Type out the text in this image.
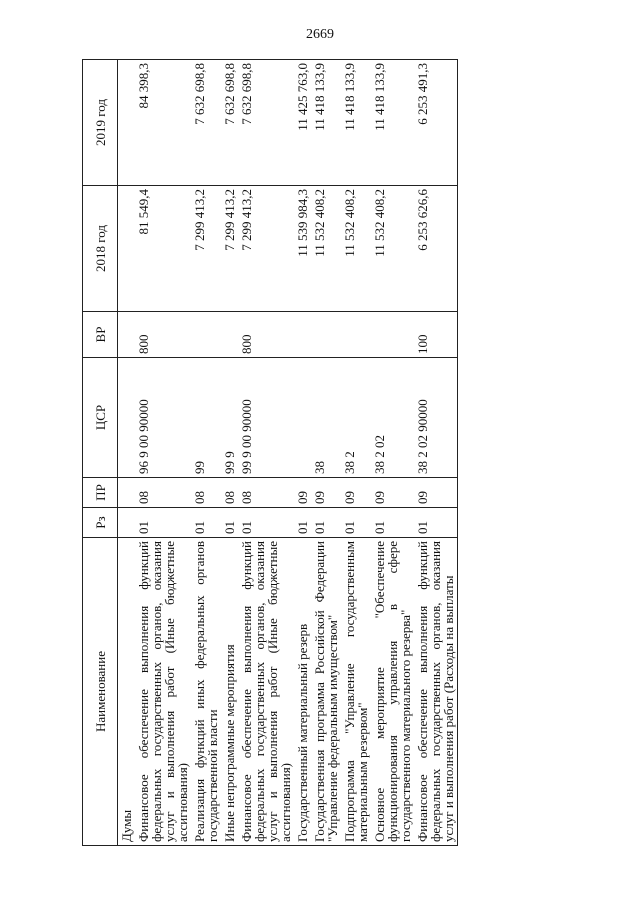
2669
Наименование	Рз	ПР	ЦСР	ВР	2018 год	2019 год
Думы						
Финансовое обеспечение выполнения функций федеральных государственных органов, оказания услуг и выполнения работ (Иные бюджетные ассигнования)	01	08	96 9 00 90000	800	81 549,4	84 398,3
Реализация функций иных федеральных органов государственной власти	01	08	99		7 299 413,2	7 632 698,8
Иные непрограммные мероприятия	01	08	99 9		7 299 413,2	7 632 698,8
Финансовое обеспечение выполнения функций федеральных государственных органов, оказания услуг и выполнения работ (Иные бюджетные ассигнования)	01	08	99 9 00 90000	800	7 299 413,2	7 632 698,8
Государственный материальный резерв	01	09			11 539 984,3	11 425 763,0
Государственная программа Российской Федерации "Управление федеральным имуществом"	01	09	38		11 532 408,2	11 418 133,9
Подпрограмма "Управление государственным материальным резервом"	01	09	38 2		11 532 408,2	11 418 133,9
Основное мероприятие "Обеспечение функционирования управления в сфере государственного материального резерва"	01	09	38 2 02		11 532 408,2	11 418 133,9
Финансовое обеспечение выполнения функций федеральных государственных органов, оказания услуг и выполнения работ (Расходы на выплаты	01	09	38 2 02 90000	100	6 253 626,6	6 253 491,3
